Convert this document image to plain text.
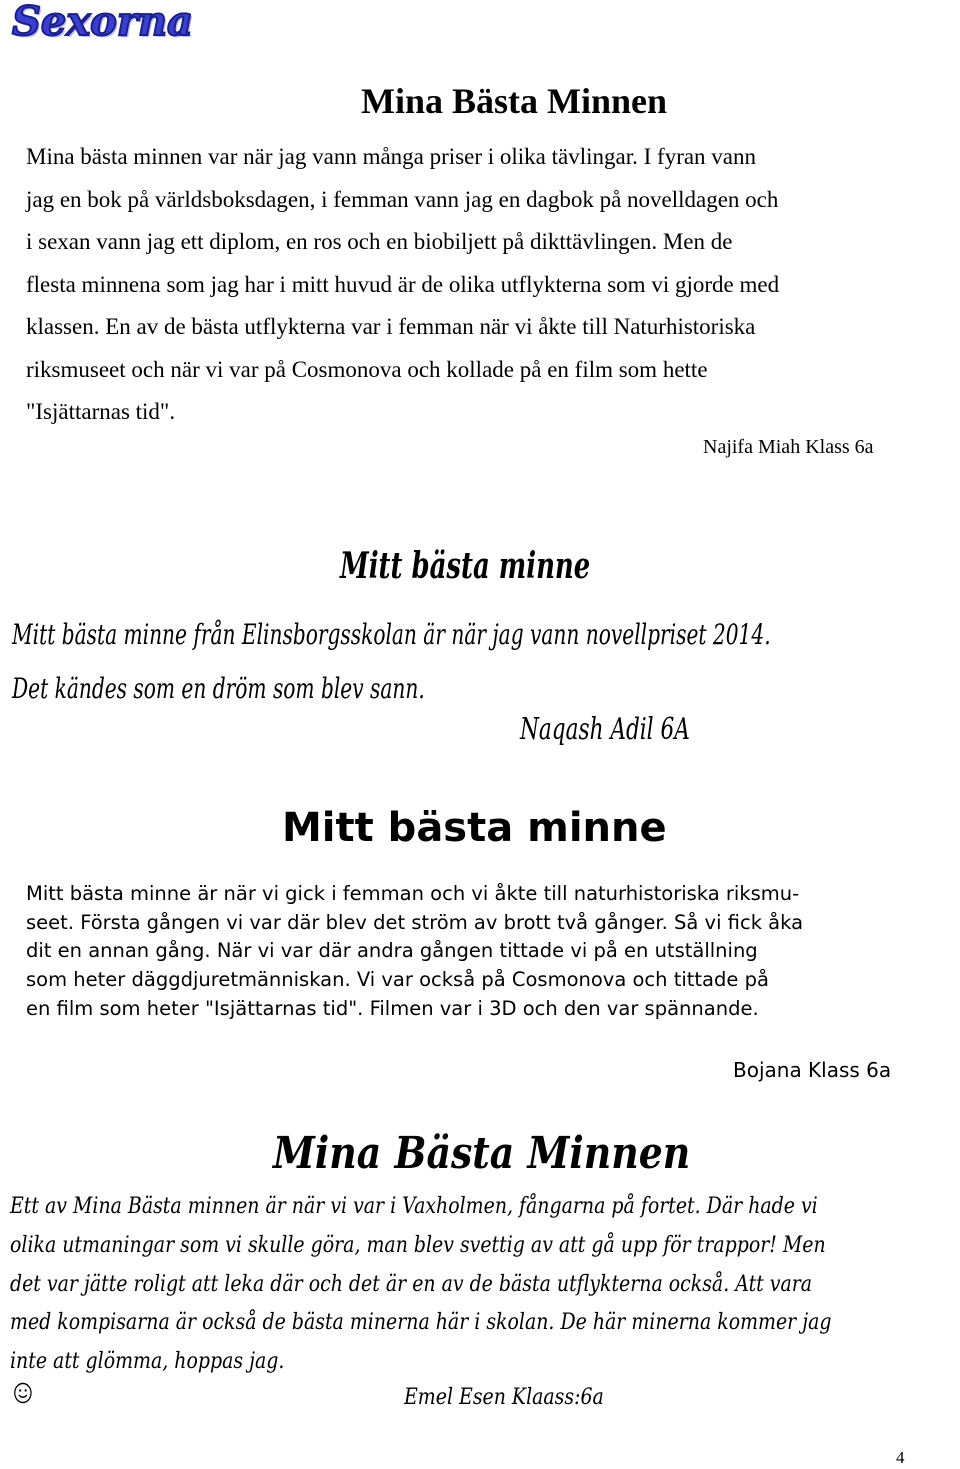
Sexorna
Mina Bästa Minnen
Mina bästa minnen var när jag vann många priser i olika tävlingar. I fyran vann
jag en bok på världsboksdagen, i femman vann jag en dagbok på novelldagen och
i sexan vann jag ett diplom, en ros och en biobiljett på dikttävlingen. Men de
flesta minnena som jag har i mitt huvud är de olika utflykterna som vi gjorde med
klassen. En av de bästa utflykterna var i femman när vi åkte till Naturhistoriska
riksmuseet och när vi var på Cosmonova och kollade på en film som hette
"Isjättarnas tid".
Najifa Miah Klass 6a
Mitt bästa minne
Mitt bästa minne från Elinsborgsskolan är när jag vann novellpriset 2014.
Det kändes som en dröm som blev sann.
Naqash Adil 6A
Mitt bästa minne
Mitt bästa minne är när vi gick i femman och vi åkte till naturhistoriska riksmu-
seet. Första gången vi var där blev det ström av brott två gånger. Så vi fick åka
dit en annan gång. När vi var där andra gången tittade vi på en utställning
som heter däggdjuretmänniskan. Vi var också på Cosmonova och tittade på
en film som heter "Isjättarnas tid". Filmen var i 3D och den var spännande.
Bojana Klass 6a
Mina Bästa Minnen
Ett av Mina Bästa minnen är när vi var i Vaxholmen, fångarna på fortet. Där hade vi
olika utmaningar som vi skulle göra, man blev svettig av att gå upp för trappor! Men
det var jätte roligt att leka där och det är en av de bästa utflykterna också. Att vara
med kompisarna är också de bästa minerna här i skolan. De här minerna kommer jag
inte att glömma, hoppas jag.
Emel Esen Klaass:6a
4
